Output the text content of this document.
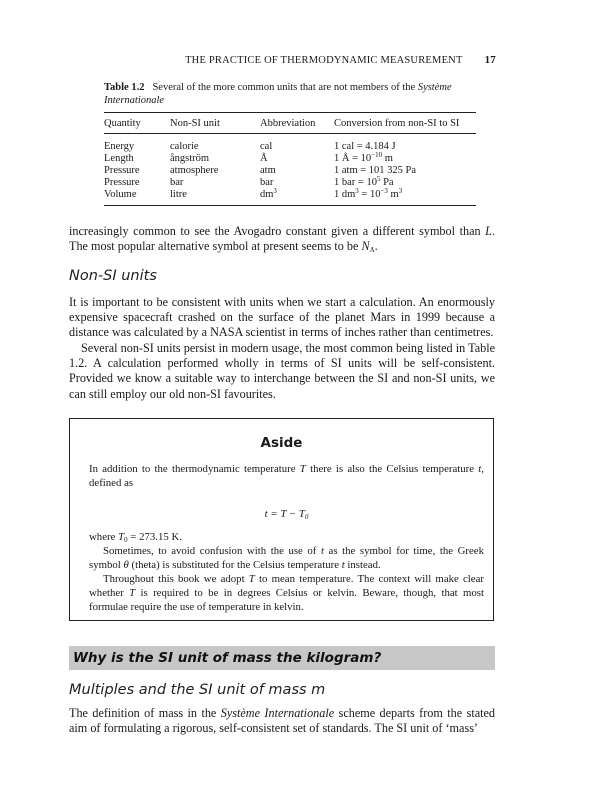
THE PRACTICE OF THERMODYNAMIC MEASUREMENT 17
Table 1.2 Several of the more common units that are not members of the Système Internationale
Quantity	Non-SI unit	Abbreviation	Conversion from non-SI to SI
Energy	calorie	cal	1 cal = 4.184 J
Length	ångström	Å	1 Å = $10^{-10}$ m
Pressure	atmosphere	atm	1 atm = 101 325 Pa
Pressure	bar	bar	1 bar = $10^5$ Pa
Volume	litre	$dm^3$	1 $dm^3 = 10^{-3}$ $m^3$

increasingly common to see the Avogadro constant given a different symbol than L. The most popular alternative symbol at present seems to be $N_A$.

Non-SI units

It is important to be consistent with units when we start a calculation. An enormously expensive spacecraft crashed on the surface of the planet Mars in 1999 because a distance was calculated by a NASA scientist in terms of inches rather than centimetres.

Several non-SI units persist in modern usage, the most common being listed in Table 1.2. A calculation performed wholly in terms of SI units will be self-consistent. Provided we know a suitable way to interchange between the SI and non-SI units, we can still employ our old non-SI favourites.

Aside

In addition to the thermodynamic temperature T there is also the Celsius temperature t, defined as

$t = T - T_0$

where $T_0 = 273.15$ K.

Sometimes, to avoid confusion with the use of t as the symbol for time, the Greek symbol θ (theta) is substituted for the Celsius temperature t instead.

Throughout this book we adopt T to mean temperature. The context will make clear whether T is required to be in degrees Celsius or kelvin. Beware, though, that most formulae require the use of temperature in kelvin.

Why is the SI unit of mass the kilogram?
Multiples and the SI unit of mass m

The definition of mass in the Système Internationale scheme departs from the stated aim of formulating a rigorous, self-consistent set of standards. The SI unit of ‘mass’
